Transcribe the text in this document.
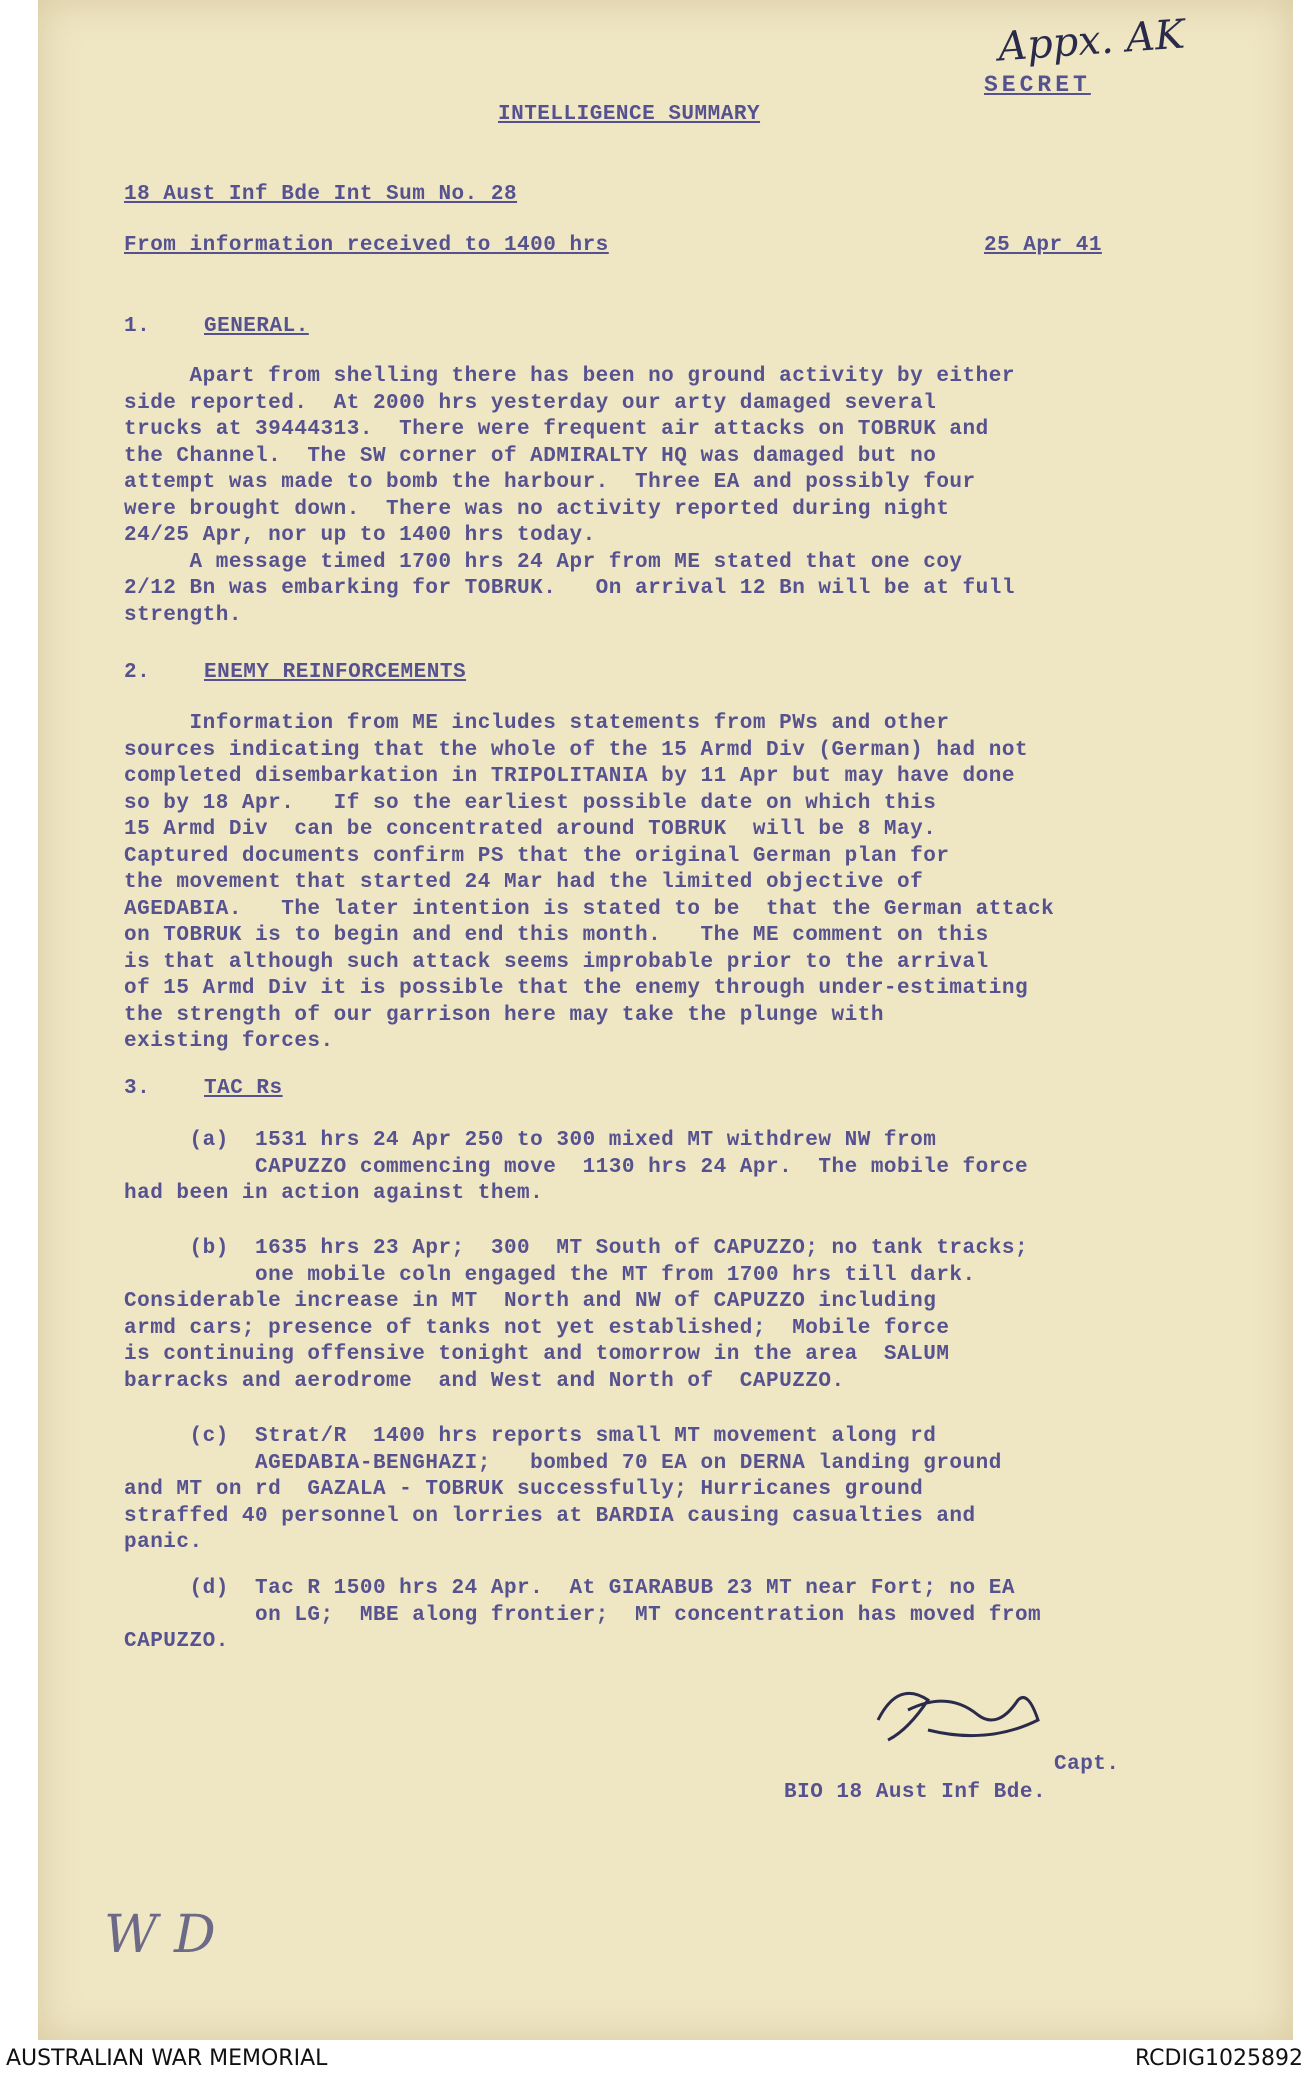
Appx. AK
SECRET
INTELLIGENCE SUMMARY
18 Aust Inf Bde Int Sum No. 28
From information received to 1400 hrs	25 Apr 41
1.	GENERAL.
Apart from shelling there has been no ground activity by either
side reported.  At 2000 hrs yesterday our arty damaged several
trucks at 39444313.  There were frequent air attacks on TOBRUK and
the Channel.  The SW corner of ADMIRALTY HQ was damaged but no
attempt was made to bomb the harbour.  Three EA and possibly four
were brought down.  There was no activity reported during night
24/25 Apr, nor up to 1400 hrs today.
A message timed 1700 hrs 24 Apr from ME stated that one coy
2/12 Bn was embarking for TOBRUK.   On arrival 12 Bn will be at full
strength.
2.	ENEMY REINFORCEMENTS
Information from ME includes statements from PWs and other
sources indicating that the whole of the 15 Armd Div (German) had not
completed disembarkation in TRIPOLITANIA by 11 Apr but may have done
so by 18 Apr.   If so the earliest possible date on which this
15 Armd Div  can be concentrated around TOBRUK  will be 8 May.
Captured documents confirm PS that the original German plan for
the movement that started 24 Mar had the limited objective of
AGEDABIA.   The later intention is stated to be  that the German attack
on TOBRUK is to begin and end this month.   The ME comment on this
is that although such attack seems improbable prior to the arrival
of 15 Armd Div it is possible that the enemy through under-estimating
the strength of our garrison here may take the plunge with
existing forces.
3.	TAC Rs
(a)  1531 hrs 24 Apr 250 to 300 mixed MT withdrew NW from
CAPUZZO commencing move  1130 hrs 24 Apr.  The mobile force
had been in action against them.
(b)  1635 hrs 23 Apr;  300  MT South of CAPUZZO; no tank tracks;
one mobile coln engaged the MT from 1700 hrs till dark.
Considerable increase in MT  North and NW of CAPUZZO including
armd cars; presence of tanks not yet established;  Mobile force
is continuing offensive tonight and tomorrow in the area  SALUM
barracks and aerodrome  and West and North of  CAPUZZO.
(c)  Strat/R  1400 hrs reports small MT movement along rd
AGEDABIA-BENGHAZI;   bombed 70 EA on DERNA landing ground
and MT on rd  GAZALA - TOBRUK successfully; Hurricanes ground
straffed 40 personnel on lorries at BARDIA causing casualties and
panic.
(d)  Tac R 1500 hrs 24 Apr.  At GIARABUB 23 MT near Fort; no EA
on LG;  MBE along frontier;  MT concentration has moved from
CAPUZZO.
Capt.
BIO 18 Aust Inf Bde.
W D
AUSTRALIAN WAR MEMORIAL	RCDIG1025892
